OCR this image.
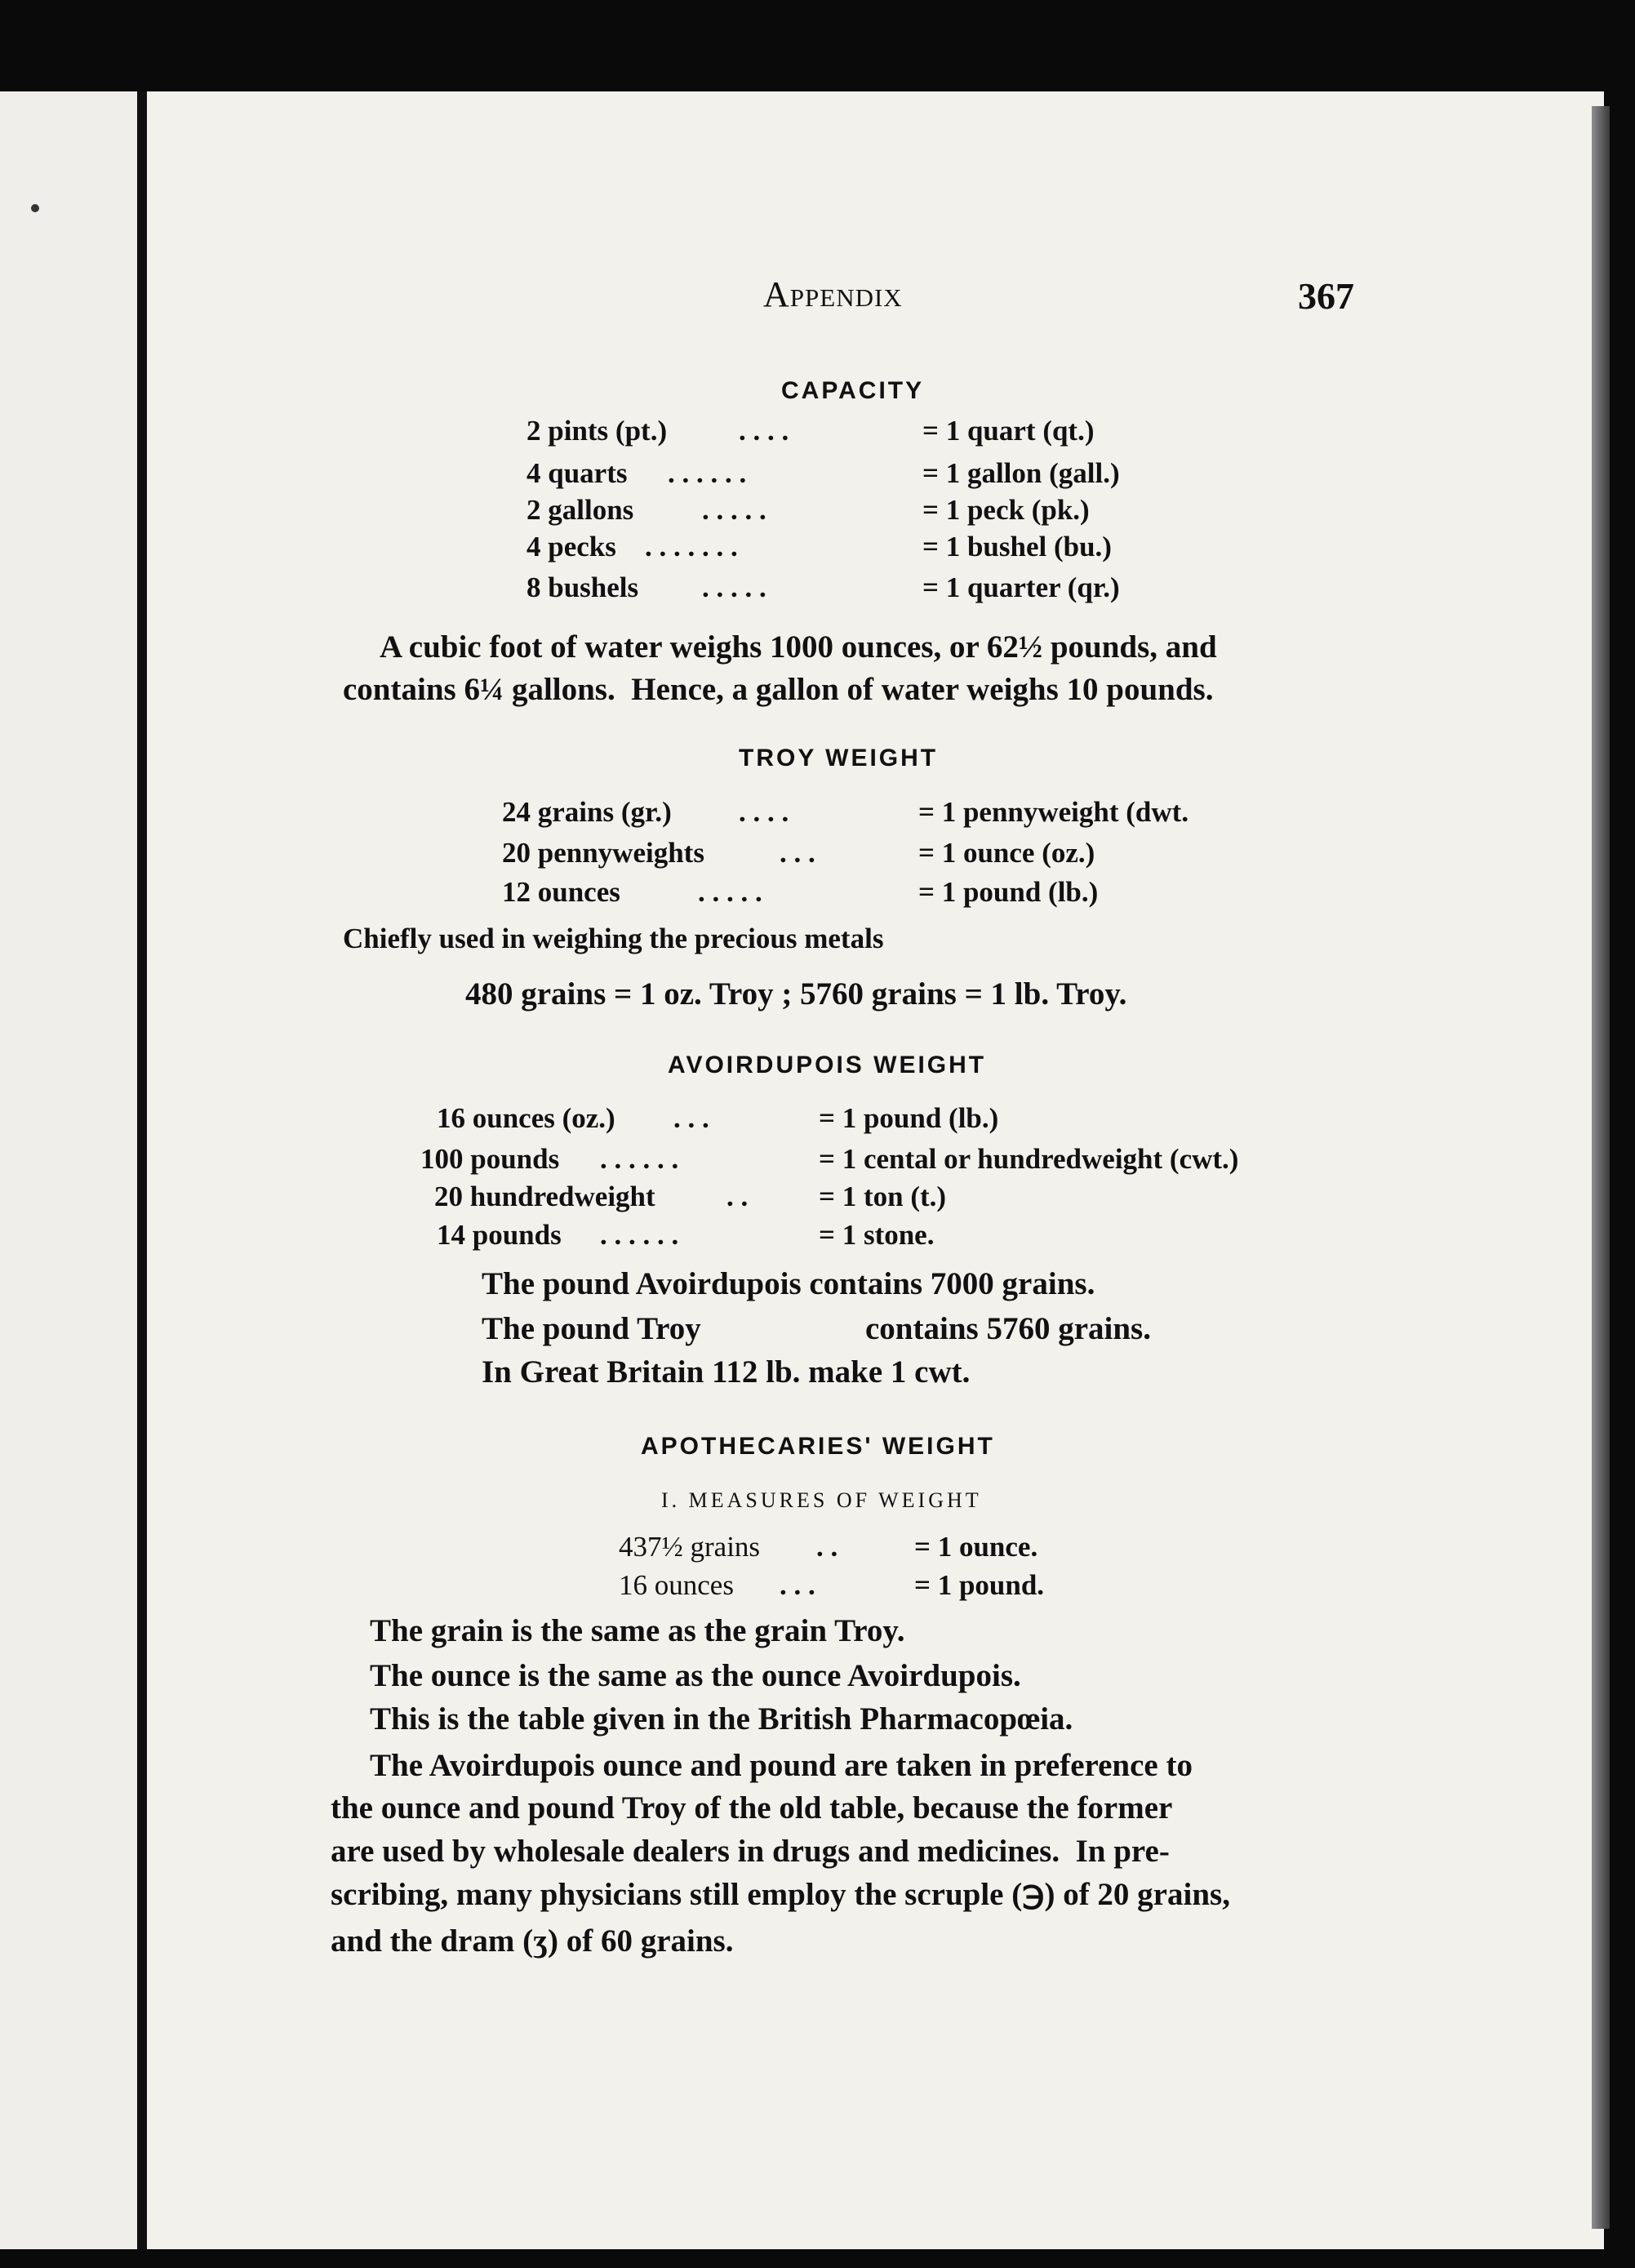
Appendix	367
CAPACITY
2 pints (pt.)	. . . .	= 1 quart (qt.)
4 quarts . . . . . .	= 1 gallon (gall.)
2 gallons . . . . .	= 1 peck (pk.)
4 pecks . . . . . . .	= 1 bushel (bu.)
8 bushels . . . . .	= 1 quarter (qr.)
A cubic foot of water weighs 1000 ounces, or 62½ pounds, and
contains 6¼ gallons.  Hence, a gallon of water weighs 10 pounds.
TROY WEIGHT
24 grains (gr.) . . . .	= 1 pennyweight (dwt.
20 pennyweights	. . .	= 1 ounce (oz.)
12 ounces	. . . . .	= 1 pound (lb.)
Chiefly used in weighing the precious metals
480 grains = 1 oz. Troy ; 5760 grains = 1 lb. Troy.
AVOIRDUPOIS WEIGHT
16 ounces (oz.) . . .	= 1 pound (lb.)
100 pounds . . . . . .	= 1 cental or hundredweight (cwt.)
20 hundredweight . . = 1 ton (t.)
14 pounds . . . . . .	= 1 stone.
The pound Avoirdupois contains 7000 grains.
The pound Troy	contains 5760 grains.
In Great Britain 112 lb. make 1 cwt.
APOTHECARIES' WEIGHT
I. MEASURES OF WEIGHT
437½ grains . .	= 1 ounce.
16 ounces . . .	= 1 pound.
The grain is the same as the grain Troy.
The ounce is the same as the ounce Avoirdupois.
This is the table given in the British Pharmacopœia.
The Avoirdupois ounce and pound are taken in preference to
the ounce and pound Troy of the old table, because the former
are used by wholesale dealers in drugs and medicines.  In pre-
scribing, many physicians still employ the scruple (℈) of 20 grains,
and the dram (ʒ) of 60 grains.
